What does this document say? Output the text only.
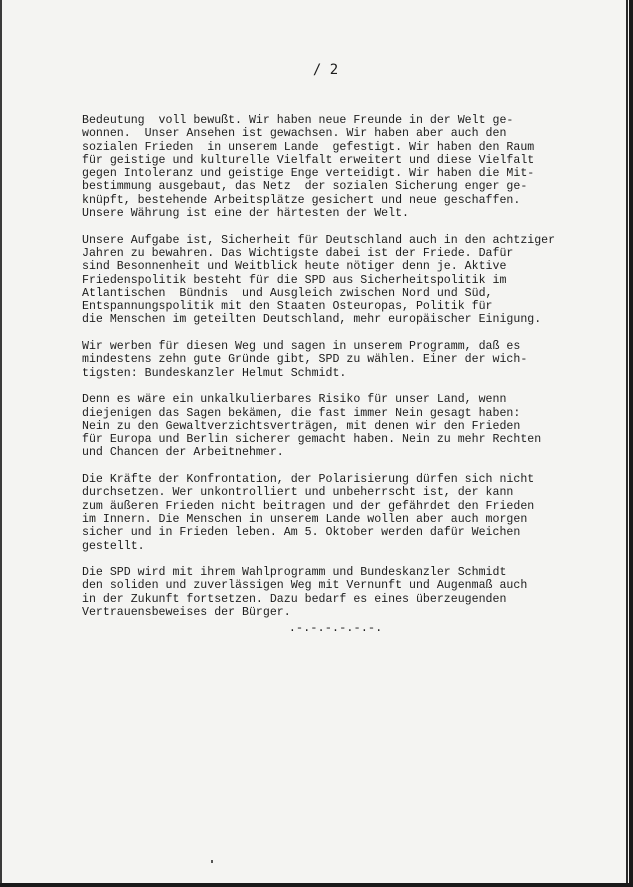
/ 2
Bedeutung  voll bewußt. Wir haben neue Freunde in der Welt ge-
wonnen.  Unser Ansehen ist gewachsen. Wir haben aber auch den
sozialen Frieden  in unserem Lande  gefestigt. Wir haben den Raum
für geistige und kulturelle Vielfalt erweitert und diese Vielfalt
gegen Intoleranz und geistige Enge verteidigt. Wir haben die Mit-
bestimmung ausgebaut, das Netz  der sozialen Sicherung enger ge-
knüpft, bestehende Arbeitsplätze gesichert und neue geschaffen.
Unsere Währung ist eine der härtesten der Welt.
Unsere Aufgabe ist, Sicherheit für Deutschland auch in den achtziger
Jahren zu bewahren. Das Wichtigste dabei ist der Friede. Dafür
sind Besonnenheit und Weitblick heute nötiger denn je. Aktive
Friedenspolitik besteht für die SPD aus Sicherheitspolitik im
Atlantischen  Bündnis  und Ausgleich zwischen Nord und Süd,
Entspannungspolitik mit den Staaten Osteuropas, Politik für
die Menschen im geteilten Deutschland, mehr europäischer Einigung.
Wir werben für diesen Weg und sagen in unserem Programm, daß es
mindestens zehn gute Gründe gibt, SPD zu wählen. Einer der wich-
tigsten: Bundeskanzler Helmut Schmidt.
Denn es wäre ein unkalkulierbares Risiko für unser Land, wenn
diejenigen das Sagen bekämen, die fast immer Nein gesagt haben:
Nein zu den Gewaltverzichtsverträgen, mit denen wir den Frieden
für Europa und Berlin sicherer gemacht haben. Nein zu mehr Rechten
und Chancen der Arbeitnehmer.
Die Kräfte der Konfrontation, der Polarisierung dürfen sich nicht
durchsetzen. Wer unkontrolliert und unbeherrscht ist, der kann
zum äußeren Frieden nicht beitragen und der gefährdet den Frieden
im Innern. Die Menschen in unserem Lande wollen aber auch morgen
sicher und in Frieden leben. Am 5. Oktober werden dafür Weichen
gestellt.
Die SPD wird mit ihrem Wahlprogramm und Bundeskanzler Schmidt
den soliden und zuverlässigen Weg mit Vernunft und Augenmaß auch
in der Zukunft fortsetzen. Dazu bedarf es eines überzeugenden
Vertrauensbeweises der Bürger.
.-.-.-.-.-.-.
